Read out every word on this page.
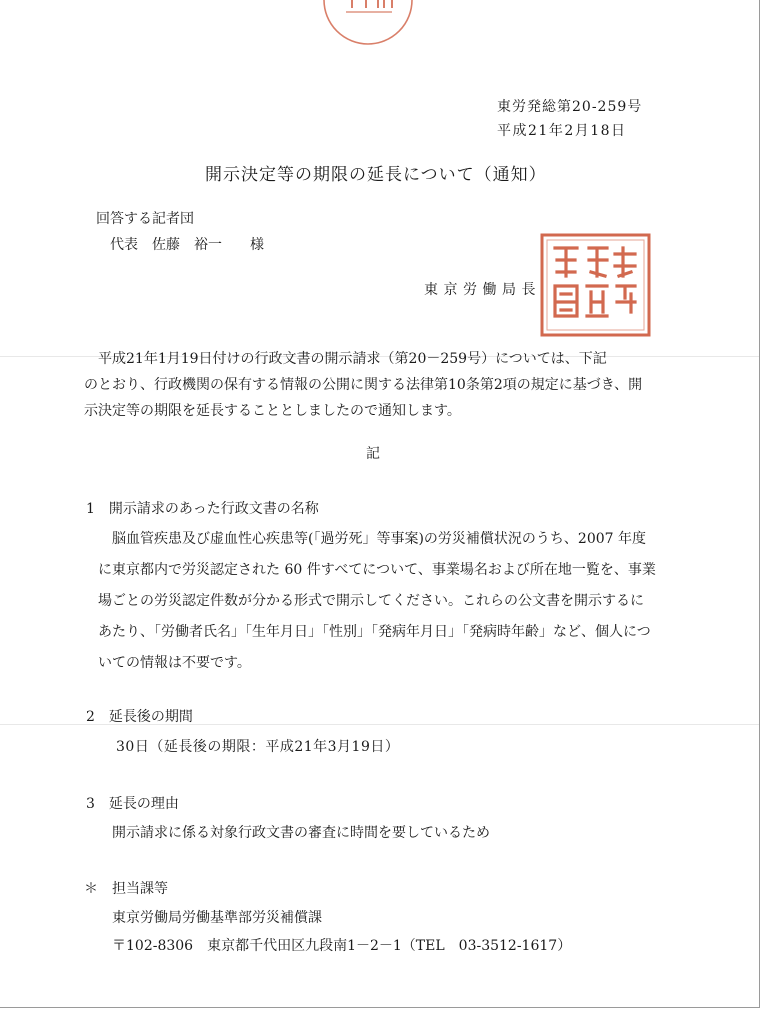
東労発総第20-259号
平成21年2月18日
開示決定等の期限の延長について（通知）
回答する記者団
代表　佐藤　裕一　　様
東京労働局長

　平成21年1月19日付けの行政文書の開示請求（第20－259号）については、下記

のとおり、行政機関の保有する情報の公開に関する法律第10条第2項の規定に基づき、開

示決定等の期限を延長することとしましたので通知します。

記
1　開示請求のあった行政文書の名称

　脳血管疾患及び虚血性心疾患等(「過労死」等事案)の労災補償状況のうち、2007 年度

に東京都内で労災認定された 60 件すべてについて、事業場名および所在地一覧を、事業

場ごとの労災認定件数が分かる形式で開示してください。これらの公文書を開示するに

あたり、「労働者氏名」「生年月日」「性別」「発病年月日」「発病時年齢」など、個人につ

いての情報は不要です。

2　延長後の期間
30日（延長後の期限：平成21年3月19日）
3　延長の理由
開示請求に係る対象行政文書の審査に時間を要しているため
＊　担当課等
東京労働局労働基準部労災補償課
〒102-8306　東京都千代田区九段南1－2－1（TEL　03-3512-1617）
